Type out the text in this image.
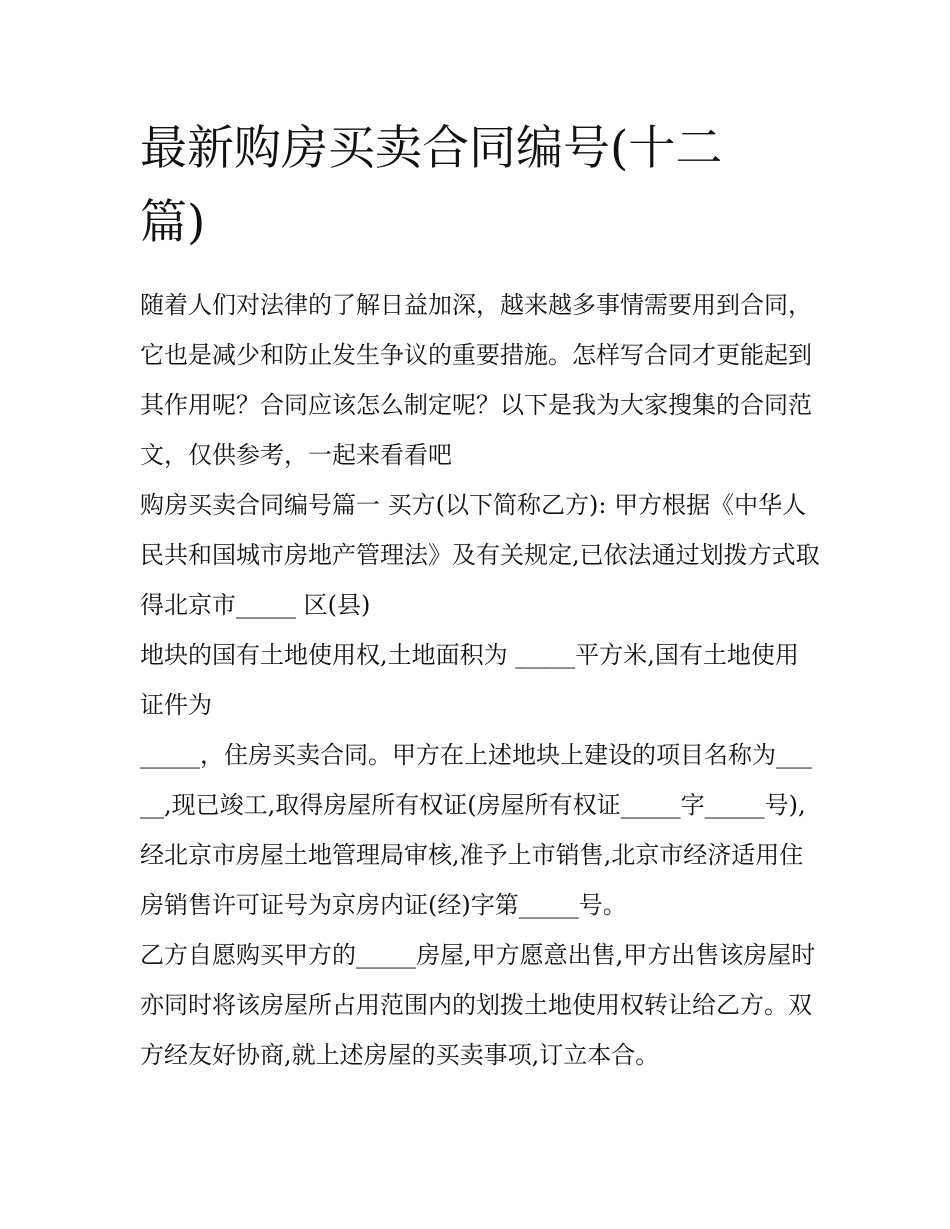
最新购房买卖合同编号(十二篇)

随着人们对法律的了解日益加深，越来越多事情需要用到合同，它也是减少和防止发生争议的重要措施。怎样写合同才更能起到其作用呢？合同应该怎么制定呢？以下是我为大家搜集的合同范文，仅供参考，一起来看看吧

购房买卖合同编号篇一 买方(以下简称乙方): 甲方根据《中华人民共和国城市房地产管理法》及有关规定,已依法通过划拨方式取得北京市_____ 区(县)

地块的国有土地使用权,土地面积为 _____平方米,国有土地使用证件为

_____，住房买卖合同。甲方在上述地块上建设的项目名称为_____,现已竣工,取得房屋所有权证(房屋所有权证_____字_____号),经北京市房屋土地管理局审核,准予上市销售,北京市经济适用住房销售许可证号为京房内证(经)字第_____号。

乙方自愿购买甲方的_____房屋,甲方愿意出售,甲方出售该房屋时亦同时将该房屋所占用范围内的划拨土地使用权转让给乙方。双方经友好协商,就上述房屋的买卖事项,订立本合。
